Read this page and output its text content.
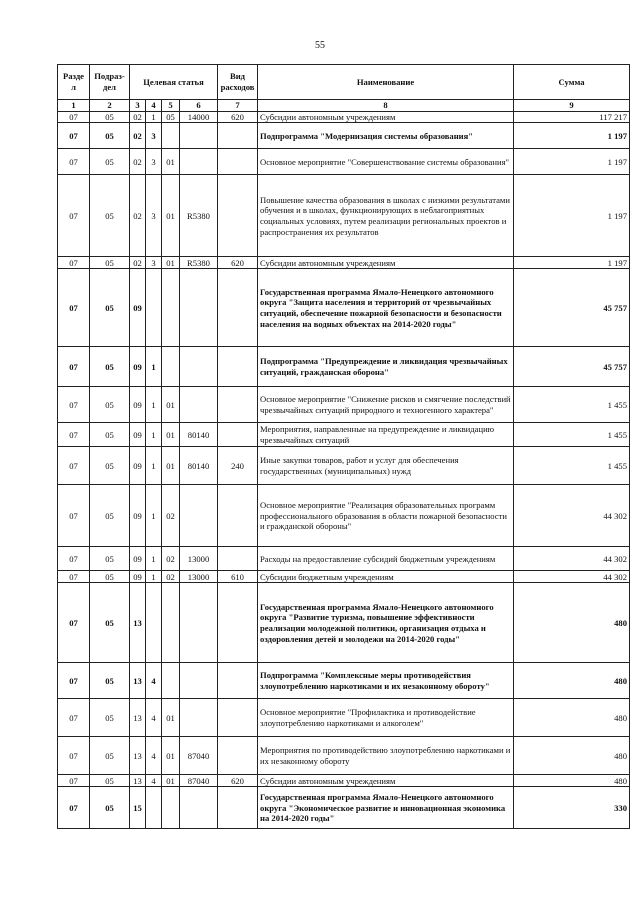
55
Разде л	Подраз-дел	Целевая статья				Вид расходов	Наименование	Сумма
1	2	3	4	5	6	7	8	9
07	05	02	1	05	14000	620	Субсидии автономным учреждениям	117 217
07	05	02	3				Подпрограмма "Модернизация системы образования"	1 197
07	05	02	3	01			Основное мероприятие "Совершенствование системы образования"	1 197
07	05	02	3	01	R5380		Повышение качества образования в школах с низкими результатами обучения и в школах, функционирующих в неблагоприятных социальных условиях, путем реализации региональных проектов и распространения их результатов	1 197
07	05	02	3	01	R5380	620	Субсидии автономным учреждениям	1 197
07	05	09					Государственная программа Ямало-Ненецкого автономного округа "Защита населения и территорий от чрезвычайных ситуаций, обеспечение пожарной безопасности и безопасности населения на водных объектах на 2014-2020 годы"	45 757
07	05	09	1				Подпрограмма "Предупреждение и ликвидация чрезвычайных ситуаций, гражданская оборона"	45 757
07	05	09	1	01			Основное мероприятие "Снижение рисков и смягчение последствий чрезвычайных ситуаций природного и техногенного характера"	1 455
07	05	09	1	01	80140		Мероприятия, направленные на предупреждение и ликвидацию чрезвычайных ситуаций	1 455
07	05	09	1	01	80140	240	Иные закупки товаров, работ и услуг для обеспечения государственных (муниципальных) нужд	1 455
07	05	09	1	02			Основное мероприятие "Реализация образовательных программ профессионального образования в области пожарной безопасности и гражданской обороны"	44 302
07	05	09	1	02	13000		Расходы на предоставление субсидий бюджетным учреждениям	44 302
07	05	09	1	02	13000	610	Субсидии бюджетным учреждениям	44 302
07	05	13					Государственная программа Ямало-Ненецкого автономного округа "Развитие туризма, повышение эффективности реализации молодежной политики, организация отдыха и оздоровления детей и молодежи на 2014-2020 годы"	480
07	05	13	4				Подпрограмма "Комплексные меры противодействия злоупотреблению наркотиками и их незаконному обороту"	480
07	05	13	4	01			Основное мероприятие "Профилактика и противодействие злоупотреблению наркотиками и алкоголем"	480
07	05	13	4	01	87040		Мероприятия по противодействию злоупотреблению наркотиками и их незаконному обороту	480
07	05	13	4	01	87040	620	Субсидии автономным учреждениям	480
07	05	15					Государственная программа Ямало-Ненецкого автономного округа "Экономическое развитие и инновационная экономика на 2014-2020 годы"	330
